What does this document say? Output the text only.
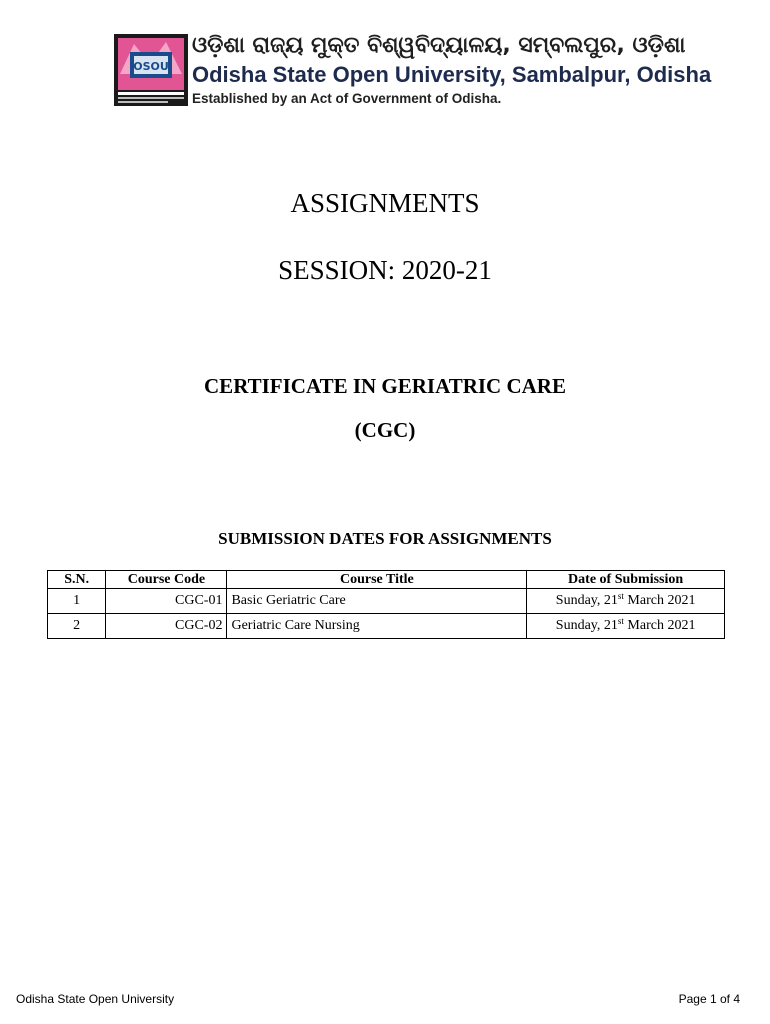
OSOU
ଓଡ଼ିଶା ରାଜ୍ୟ ମୁକ୍ତ ବିଶ୍ୱବିଦ୍ୟାଳୟ, ସମ୍ବଲପୁର, ଓଡ଼ିଶା
Odisha State Open University, Sambalpur, Odisha
Established by an Act of Government of Odisha.
ASSIGNMENTS
SESSION: 2020-21
CERTIFICATE IN GERIATRIC CARE
(CGC)
SUBMISSION DATES FOR ASSIGNMENTS
S.N.	Course Code	Course Title	Date of Submission
1	CGC-01	Basic Geriatric Care	Sunday, 21st March 2021
2	CGC-02	Geriatric Care Nursing	Sunday, 21st March 2021
Odisha State Open University	Page 1 of 4
